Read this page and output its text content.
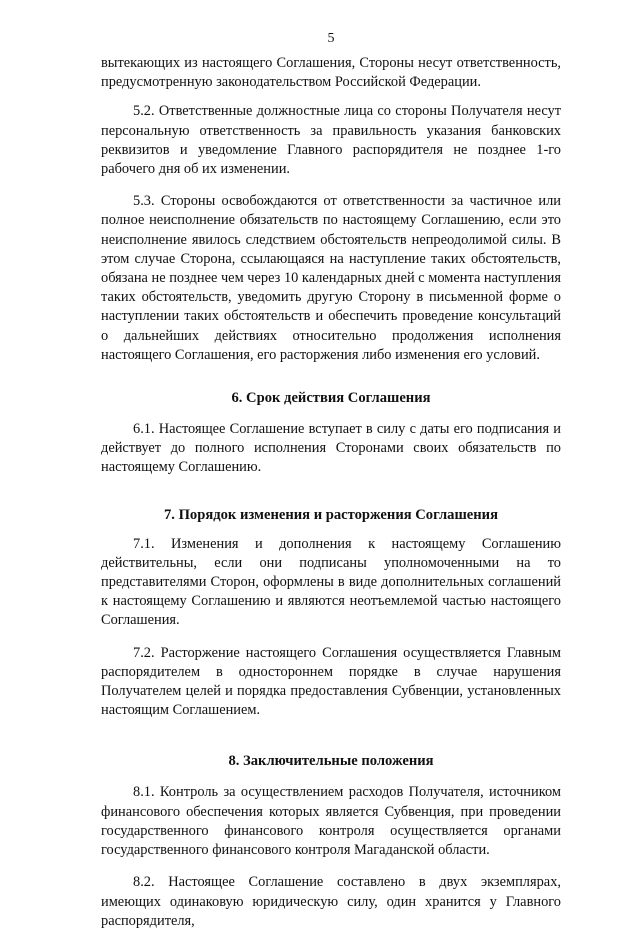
5

вытекающих из настоящего Соглашения, Стороны несут ответственность, предусмотренную законодательством Российской Федерации.

5.2. Ответственные должностные лица со стороны Получателя несут персональную ответственность за правильность указания банковских реквизитов и уведомление Главного распорядителя не позднее 1-го рабочего дня об их изменении.

5.3. Стороны освобождаются от ответственности за частичное или полное неисполнение обязательств по настоящему Соглашению, если это неисполнение явилось следствием обстоятельств непреодолимой силы. В этом случае Сторона, ссылающаяся на наступление таких обстоятельств, обязана не позднее чем через 10 календарных дней с момента наступления таких обстоятельств, уведомить другую Сторону в письменной форме о наступлении таких обстоятельств и обеспечить проведение консультаций о дальнейших действиях относительно продолжения исполнения настоящего Соглашения, его расторжения либо изменения его условий.

6. Срок действия Соглашения

6.1. Настоящее Соглашение вступает в силу с даты его подписания и действует до полного исполнения Сторонами своих обязательств по настоящему Соглашению.

7. Порядок изменения и расторжения Соглашения

7.1. Изменения и дополнения к настоящему Соглашению действительны, если они подписаны уполномоченными на то представителями Сторон, оформлены в виде дополнительных соглашений к настоящему Соглашению и являются неотъемлемой частью настоящего Соглашения.

7.2. Расторжение настоящего Соглашения осуществляется Главным распорядителем в одностороннем порядке в случае нарушения Получателем целей и порядка предоставления Субвенции, установленных настоящим Соглашением.

8. Заключительные положения

8.1. Контроль за осуществлением расходов Получателя, источником финансового обеспечения которых является Субвенция, при проведении государственного финансового контроля осуществляется органами государственного финансового контроля Магаданской области.

8.2. Настоящее Соглашение составлено в двух экземплярах, имеющих одинаковую юридическую силу, один хранится у Главного распорядителя,
